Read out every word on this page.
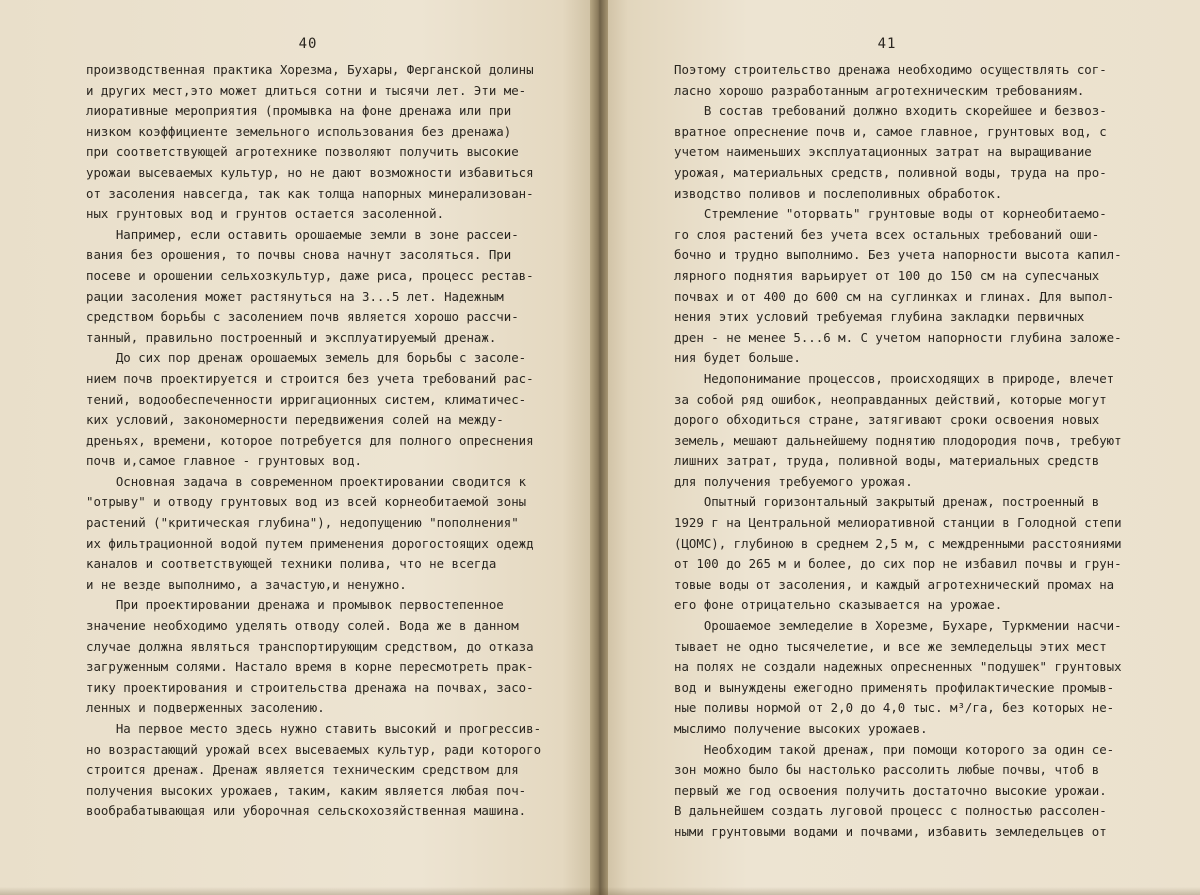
40
производственная практика Хорезма, Бухары, Ферганской долины
и других мест,это может длиться сотни и тысячи лет. Эти ме-
лиоративные мероприятия (промывка на фоне дренажа или при
низком коэффициенте земельного использования без дренажа)
при соответствующей агротехнике позволяют получить высокие
урожаи высеваемых культур, но не дают возможности избавиться
от засоления навсегда, так как толща напорных минерализован-
ных грунтовых вод и грунтов остается засоленной.
Например, если оставить орошаемые земли в зоне рассеи-
вания без орошения, то почвы снова начнут засоляться. При
посеве и орошении сельхозкультур, даже риса, процесс рестав-
рации засоления может растянуться на 3...5 лет. Надежным
средством борьбы с засолением почв является хорошо рассчи-
танный, правильно построенный и эксплуатируемый дренаж.
До сих пор дренаж орошаемых земель для борьбы с засоле-
нием почв проектируется и строится без учета требований рас-
тений, водообеспеченности ирригационных систем, климатичес-
ких условий, закономерности передвижения солей на междy-
дреньях, времени, которое потребуется для полного опреснения
почв и,самое главное - грунтовых вод.
Основная задача в современном проектировании сводится к
"отрыву" и отводу грунтовых вод из всей корнеобитаемой зоны
растений ("критическая глубина"), недопущению "пополнения"
их фильтрационной водой путем применения дорогостоящих одежд
каналов и соответствующей техники полива, что не всегда
и не везде выполнимо, а зачастую,и ненужно.
При проектировании дренажа и промывок первостепенное
значение необходимо уделять отводу солей. Вода же в данном
случае должна являться транспортирующим средством, до отказа
загруженным солями. Настало время в корне пересмотреть прак-
тику проектирования и строительства дренажа на почвах, засо-
ленных и подверженных засолению.
На первое место здесь нужно ставить высокий и прогрессив-
но возрастающий урожай всех высеваемых культур, ради которого
строится дренаж. Дренаж является техническим средством для
получения высоких урожаев, таким, каким является любая поч-
вообрабатывающая или уборочная сельскохозяйственная машина.
41
Поэтому строительство дренажа необходимо осуществлять сог-
ласно хорошо разработанным агротехническим требованиям.
В состав требований должно входить скорейшее и безвоз-
вратное опреснение почв и, самое главное, грунтовых вод, с
учетом наименьших эксплуатационных затрат на выращивание
урожая, материальных средств, поливной воды, труда на про-
изводство поливов и послеполивных обработок.
Стремление "оторвать" грунтовые воды от корнеобитаемо-
го слоя растений без учета всех остальных требований оши-
бочно и трудно выполнимо. Без учета напорности высота капил-
лярного поднятия варьирует от 100 до 150 см на супесчаных
почвах и от 400 до 600 см на суглинках и глинах. Для выпол-
нения этих условий требуемая глубина закладки первичных
дрен - не менее 5...6 м. С учетом напорности глубина заложе-
ния будет больше.
Недопонимание процессов, происходящих в природе, влечет
за собой ряд ошибок, неоправданных действий, которые могут
дорого обходиться стране, затягивают сроки освоения новых
земель, мешают дальнейшему поднятию плодородия почв, требуют
лишних затрат, труда, поливной воды, материальных средств
для получения требуемого урожая.
Опытный горизонтальный закрытый дренаж, построенный в
1929 г на Центральной мелиоративной станции в Голодной степи
(ЦОМС), глубиною в среднем 2,5 м, с междренными расстояниями
от 100 до 265 м и более, до сих пор не избавил почвы и грун-
товые воды от засоления, и каждый агротехнический промах на
его фоне отрицательно сказывается на урожае.
Орошаемое земледелие в Хорезме, Бухаре, Туркмении насчи-
тывает не одно тысячелетие, и все же земледельцы этих мест
на полях не создали надежных опресненных "подушек" грунтовых
вод и вынуждены ежегодно применять профилактические промыв-
ные поливы нормой от 2,0 до 4,0 тыс. м³/га, без которых не-
мыслимо получение высоких урожаев.
Необходим такой дренаж, при помощи которого за один се-
зон можно было бы настолько рассолить любые почвы, чтоб в
первый же год освоения получить достаточно высокие урожаи.
В дальнейшем создать луговой процесс с полностью рассолен-
ными грунтовыми водами и почвами, избавить земледельцев от
